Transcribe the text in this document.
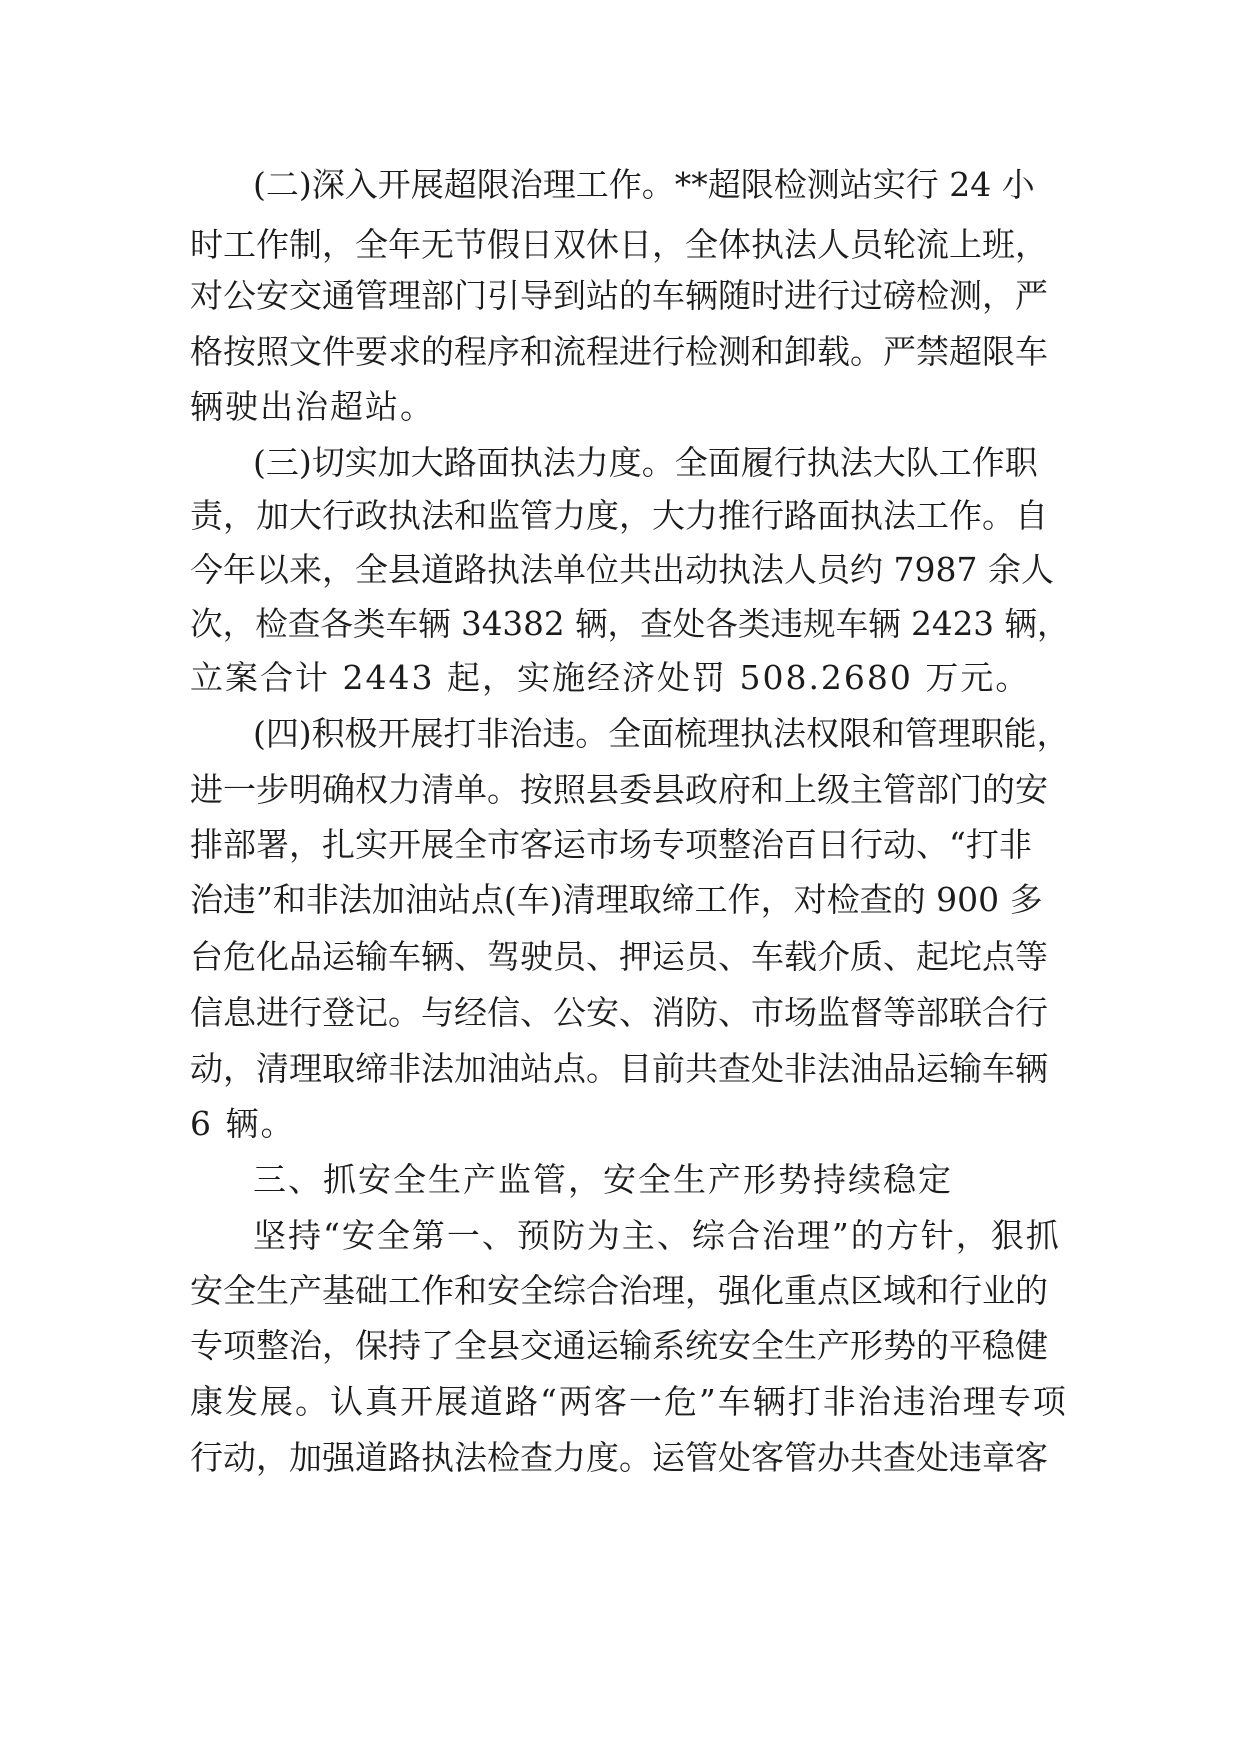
(二)深入开展超限治理工作。**超限检测站实行 24 小
时工作制，全年无节假日双休日，全体执法人员轮流上班，
对公安交通管理部门引导到站的车辆随时进行过磅检测，严
格按照文件要求的程序和流程进行检测和卸载。严禁超限车
辆驶出治超站。
(三)切实加大路面执法力度。全面履行执法大队工作职
责，加大行政执法和监管力度，大力推行路面执法工作。自
今年以来，全县道路执法单位共出动执法人员约 7987 余人
次，检查各类车辆 34382 辆，查处各类违规车辆 2423 辆，
立案合计 2443 起，实施经济处罚 508.2680 万元。
(四)积极开展打非治违。全面梳理执法权限和管理职能，
进一步明确权力清单。按照县委县政府和上级主管部门的安
排部署，扎实开展全市客运市场专项整治百日行动、“打非
治违”和非法加油站点(车)清理取缔工作，对检查的 900 多
台危化品运输车辆、驾驶员、押运员、车载介质、起坨点等
信息进行登记。与经信、公安、消防、市场监督等部联合行
动，清理取缔非法加油站点。目前共查处非法油品运输车辆
6 辆。
三、抓安全生产监管，安全生产形势持续稳定
坚持“安全第一、预防为主、综合治理”的方针，狠抓
安全生产基础工作和安全综合治理，强化重点区域和行业的
专项整治，保持了全县交通运输系统安全生产形势的平稳健
康发展。认真开展道路“两客一危”车辆打非治违治理专项
行动，加强道路执法检查力度。运管处客管办共查处违章客
